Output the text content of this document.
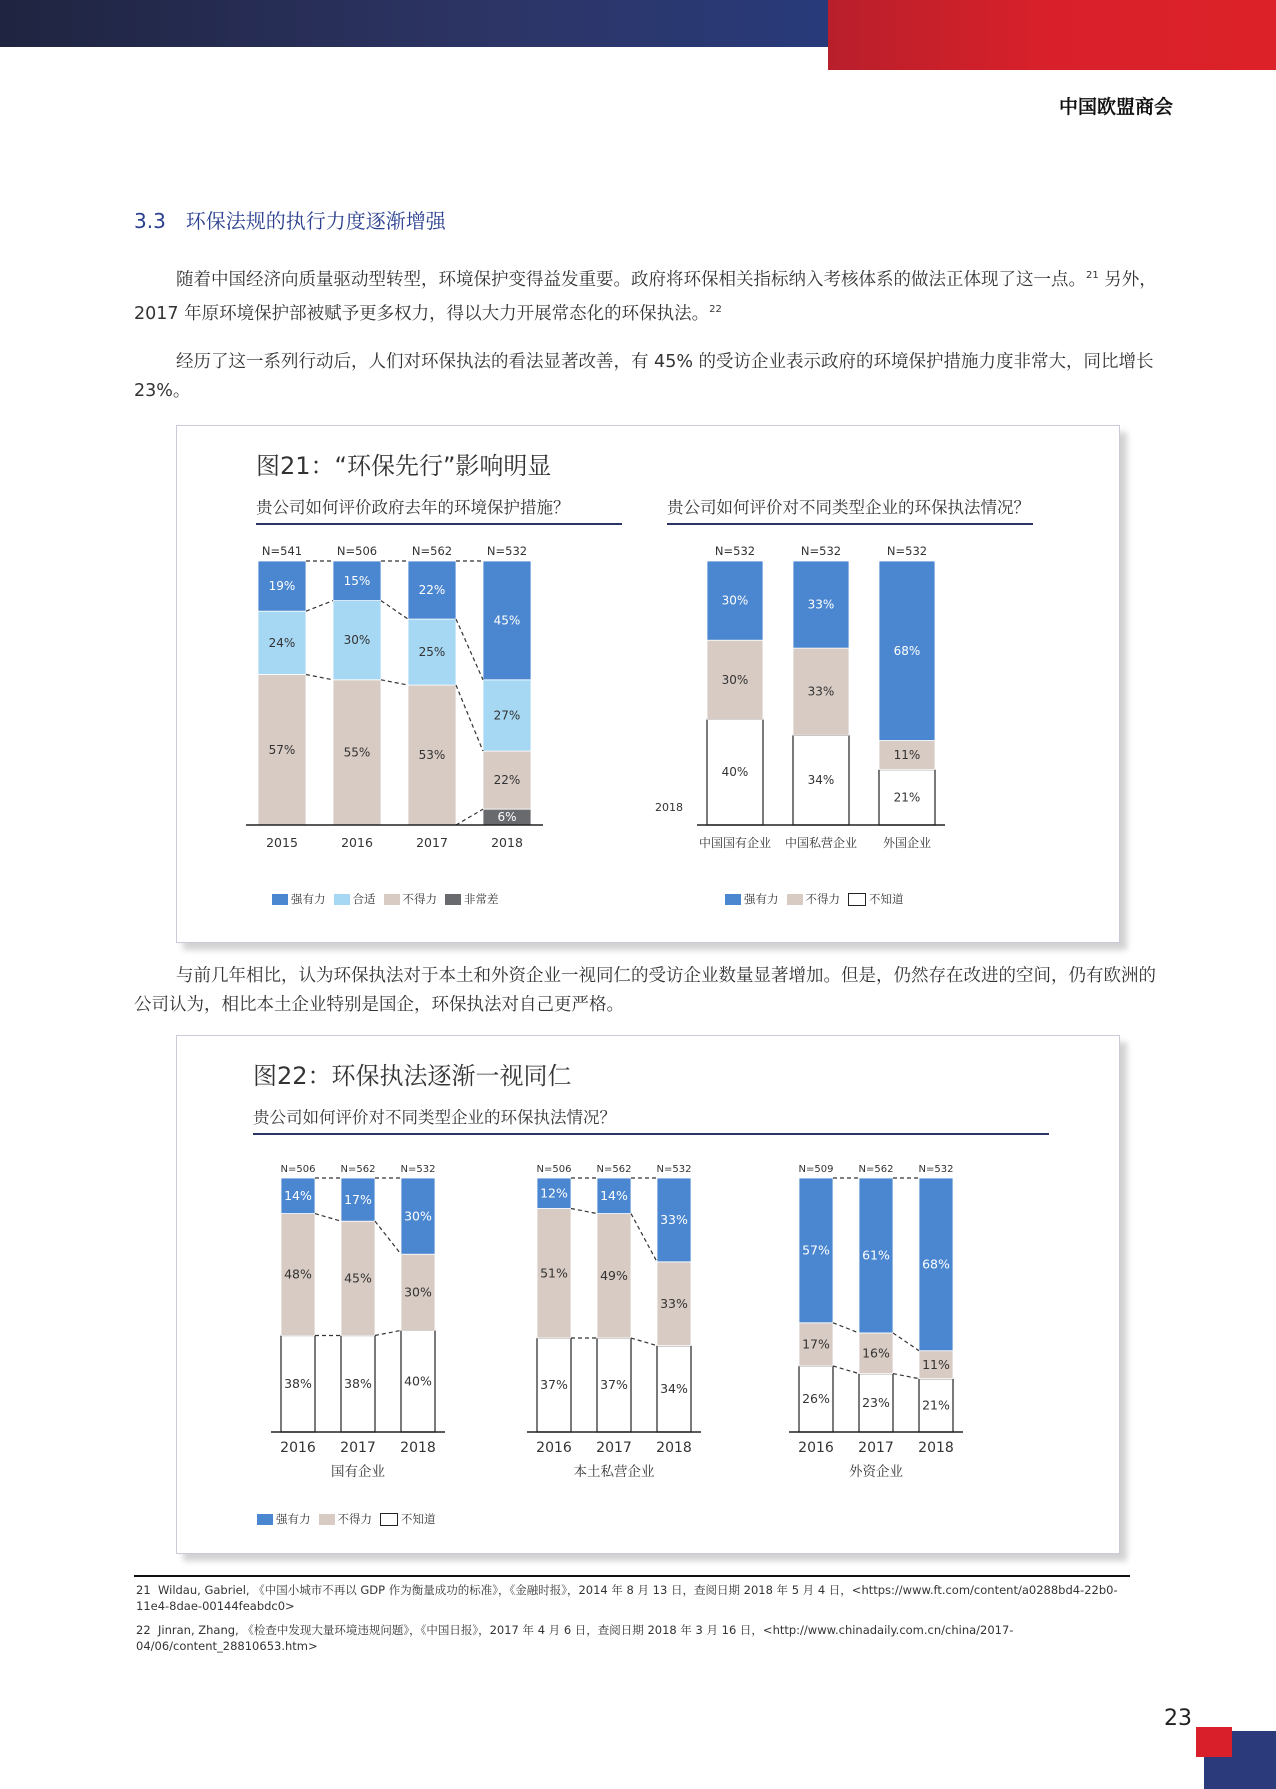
中国欧盟商会
3.3　环保法规的执行力度逐渐增强
随着中国经济向质量驱动型转型，环境保护变得益发重要。政府将环保相关指标纳入考核体系的做法正体现了这一点。$^{21}$ 另外，2017 年原环境保护部被赋予更多权力，得以大力开展常态化的环保执法。$^{22}$
经历了这一系列行动后，人们对环保执法的看法显著改善，有 45% 的受访企业表示政府的环境保护措施力度非常大，同比增长 23%。
图21：“环保先行”影响明显
贵公司如何评价政府去年的环境保护措施？	贵公司如何评价对不同类型企业的环保执法情况？
57%
24%
19%
N=541
2015
55%
30%
15%
N=506
2016
53%
25%
22%
N=562
2017
6%
22%
27%
45%
N=532
2018
40%
30%
30%
N=532
中国国有企业
34%
33%
33%
N=532
中国私营企业
21%
11%
68%
N=532
外国企业
2018
强有力 合适 不得力 非常差	强有力 不得力	不知道
与前几年相比，认为环保执法对于本土和外资企业一视同仁的受访企业数量显著增加。但是，仍然存在改进的空间，仍有欧洲的公司认为，相比本土企业特别是国企，环保执法对自己更严格。
图22：环保执法逐渐一视同仁
贵公司如何评价对不同类型企业的环保执法情况？
38%
48%
14%
N=506
2016
38%
45%
17%
N=562
2017
40%
30%
30%
N=532
2018
国有企业
37%
51%
12%
N=506
2016
37%
49%
14%
N=562
2017
34%
33%
33%
N=532
2018
本土私营企业
26%
17%
57%
N=509
2016
23%
16%
61%
N=562
2017
21%
11%
68%
N=532
2018
外资企业
强有力 不得力	不知道
21 Wildau, Gabriel, 《中国小城市不再以 GDP 作为衡量成功的标准》，《金融时报》，2014 年 8 月 13 日，查阅日期 2018 年 5 月 4 日，<https://www.ft.com/content/a0288bd4-22b0-11e4-8dae-00144feabdc0>
22 Jinran, Zhang, 《检查中发现大量环境违规问题》，《中国日报》，2017 年 4 月 6 日，查阅日期 2018 年 3 月 16 日，<http://www.chinadaily.com.cn/china/2017-04/06/content_28810653.htm>
23
